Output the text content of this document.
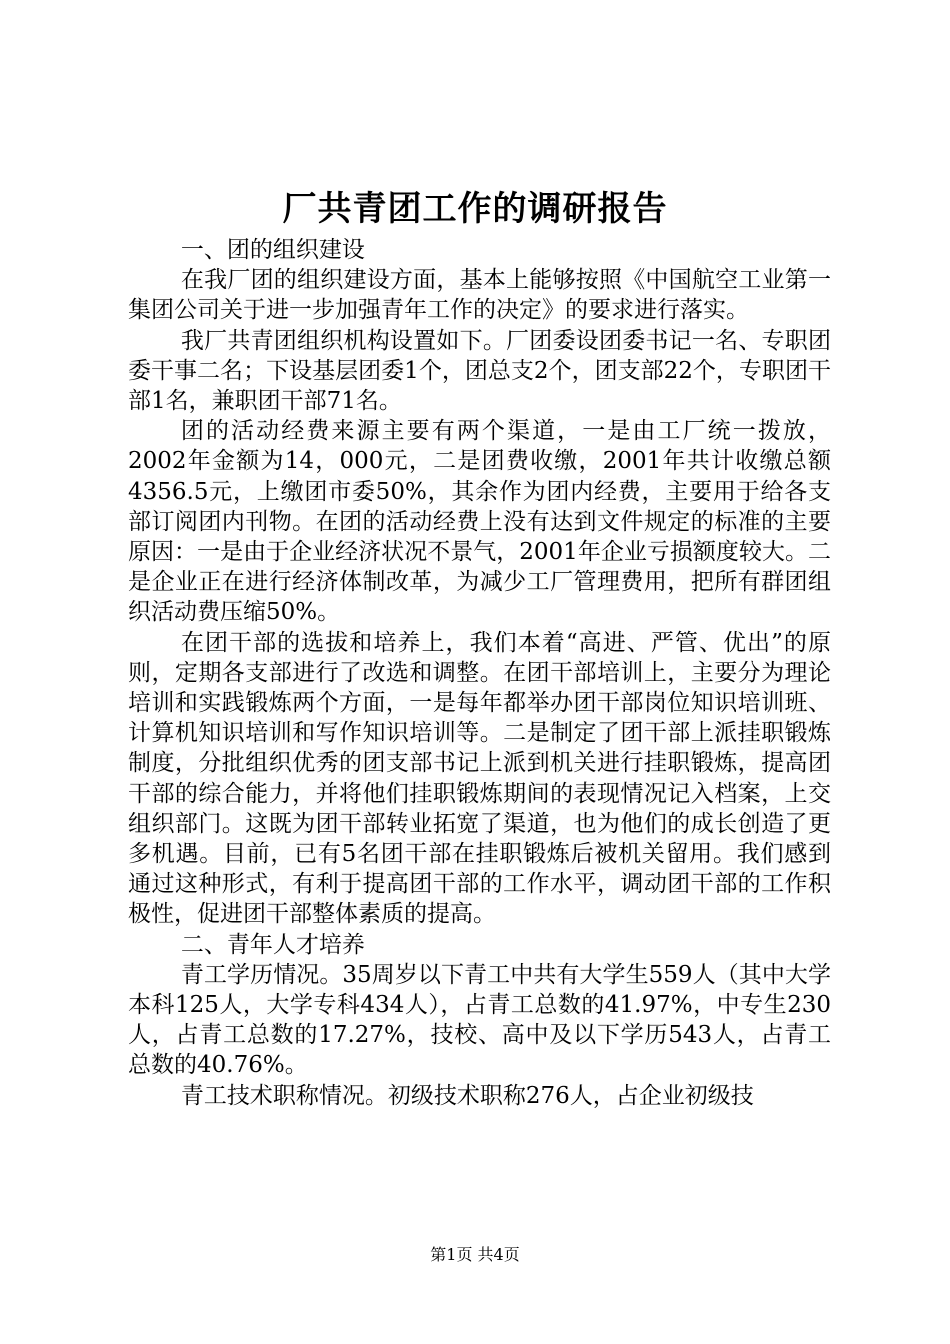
厂共青团工作的调研报告

一、团的组织建设

在我厂团的组织建设方面，基本上能够按照《中国航空工业第一集团公司关于进一步加强青年工作的决定》的要求进行落实。

我厂共青团组织机构设置如下。厂团委设团委书记一名、专职团委干事二名；下设基层团委1个，团总支2个，团支部22个，专职团干部1名，兼职团干部71名。

团的活动经费来源主要有两个渠道，一是由工厂统一拨放，2002年金额为14，000元，二是团费收缴，2001年共计收缴总额4356.5元，上缴团市委50%，其余作为团内经费，主要用于给各支部订阅团内刊物。在团的活动经费上没有达到文件规定的标准的主要原因：一是由于企业经济状况不景气，2001年企业亏损额度较大。二是企业正在进行经济体制改革，为减少工厂管理费用，把所有群团组织活动费压缩50%。

在团干部的选拔和培养上，我们本着“高进、严管、优出”的原则，定期各支部进行了改选和调整。在团干部培训上，主要分为理论培训和实践锻炼两个方面，一是每年都举办团干部岗位知识培训班、计算机知识培训和写作知识培训等。二是制定了团干部上派挂职锻炼制度，分批组织优秀的团支部书记上派到机关进行挂职锻炼，提高团干部的综合能力，并将他们挂职锻炼期间的表现情况记入档案，上交组织部门。这既为团干部转业拓宽了渠道，也为他们的成长创造了更多机遇。目前，已有5名团干部在挂职锻炼后被机关留用。我们感到通过这种形式，有利于提高团干部的工作水平，调动团干部的工作积极性，促进团干部整体素质的提高。

二、青年人才培养

青工学历情况。35周岁以下青工中共有大学生559人（其中大学本科125人，大学专科434人），占青工总数的41.97%，中专生230人，占青工总数的17.27%，技校、高中及以下学历543人，占青工总数的40.76%。

青工技术职称情况。初级技术职称276人，占企业初级技

第1页 共4页
